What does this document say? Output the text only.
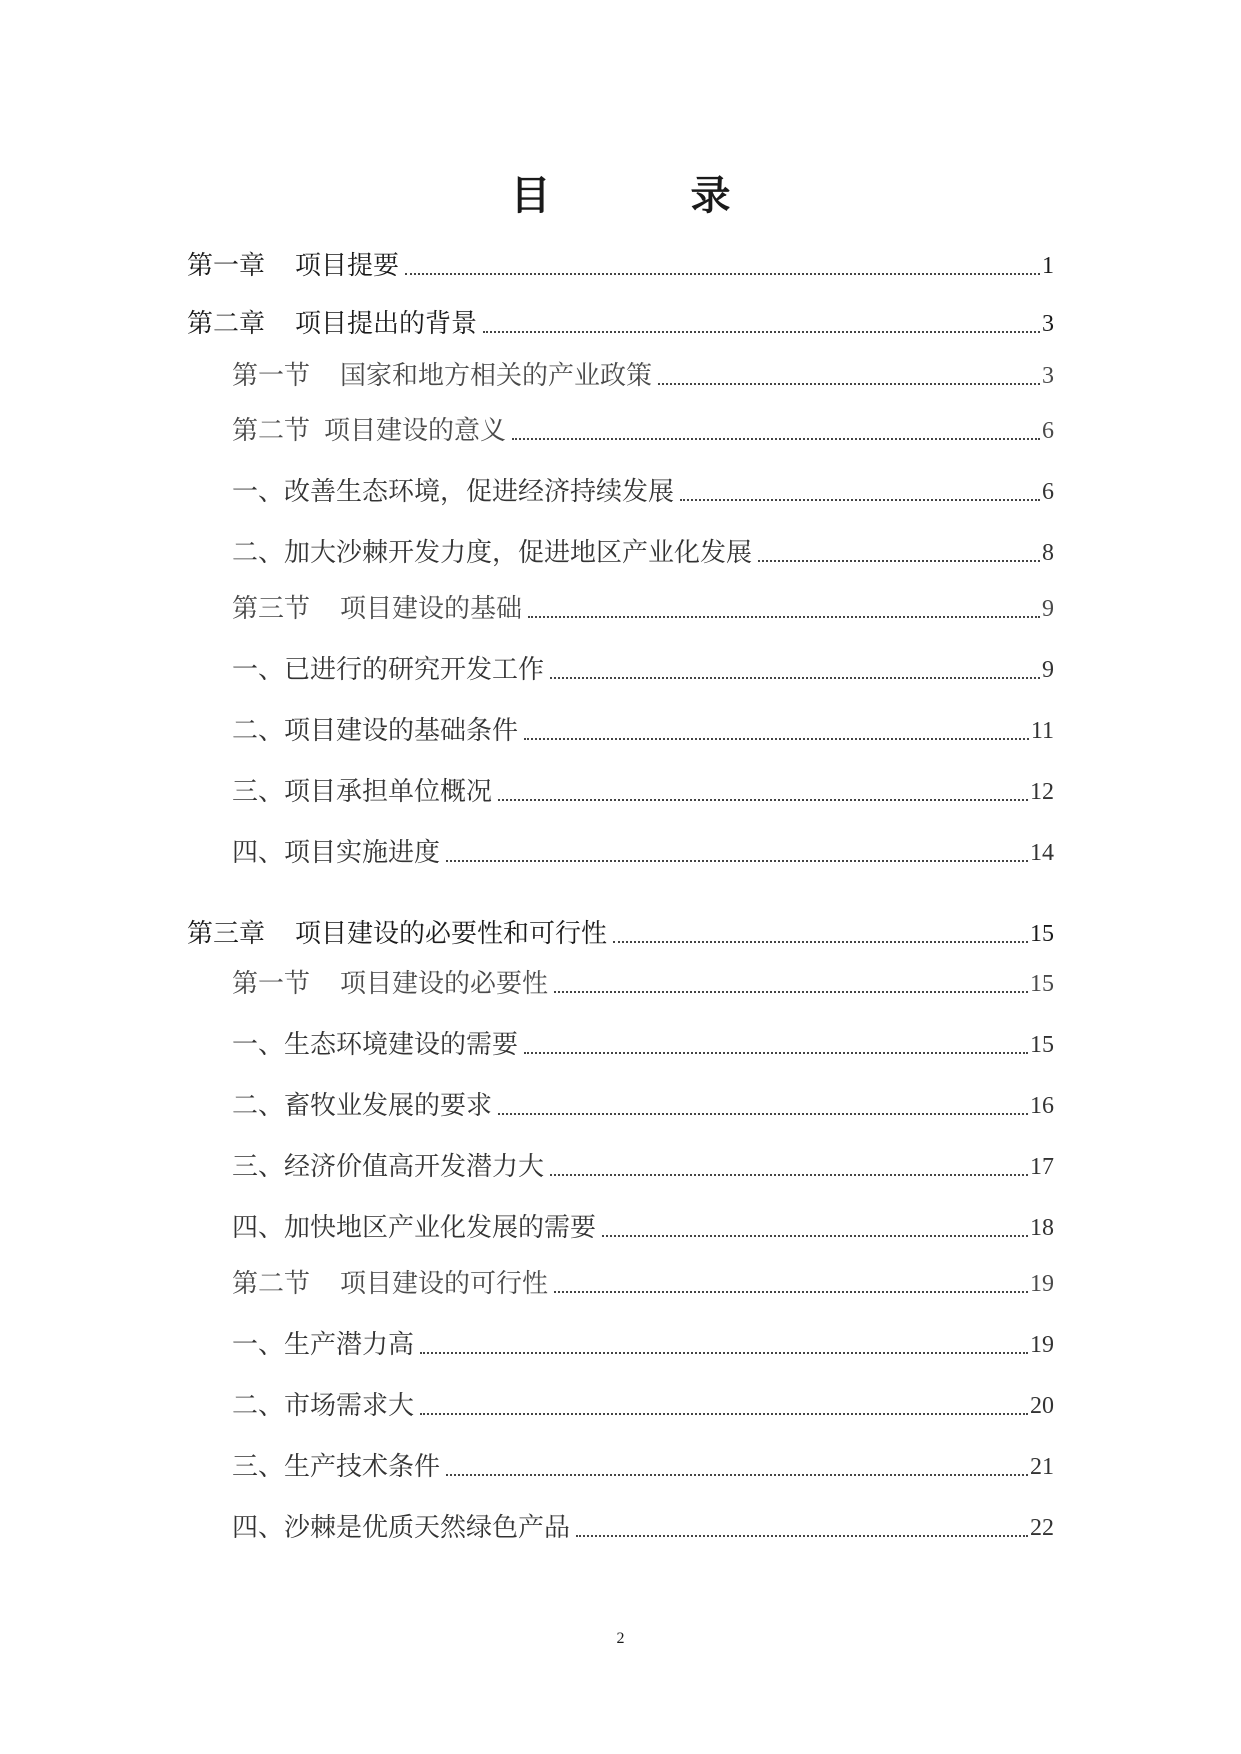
目　录
第一章 项目提要	1
第二章 项目提出的背景	3
第一节 国家和地方相关的产业政策	3
第二节 项目建设的意义	6
一、改善生态环境，促进经济持续发展	6
二、加大沙棘开发力度，促进地区产业化发展	8
第三节 项目建设的基础	9
一、已进行的研究开发工作	9
二、项目建设的基础条件	11
三、项目承担单位概况	12
四、项目实施进度	14
第三章 项目建设的必要性和可行性	15
第一节 项目建设的必要性	15
一、生态环境建设的需要	15
二、畜牧业发展的要求	16
三、经济价值高开发潜力大	17
四、加快地区产业化发展的需要	18
第二节 项目建设的可行性	19
一、生产潜力高	19
二、市场需求大	20
三、生产技术条件	21
四、沙棘是优质天然绿色产品	22
2
